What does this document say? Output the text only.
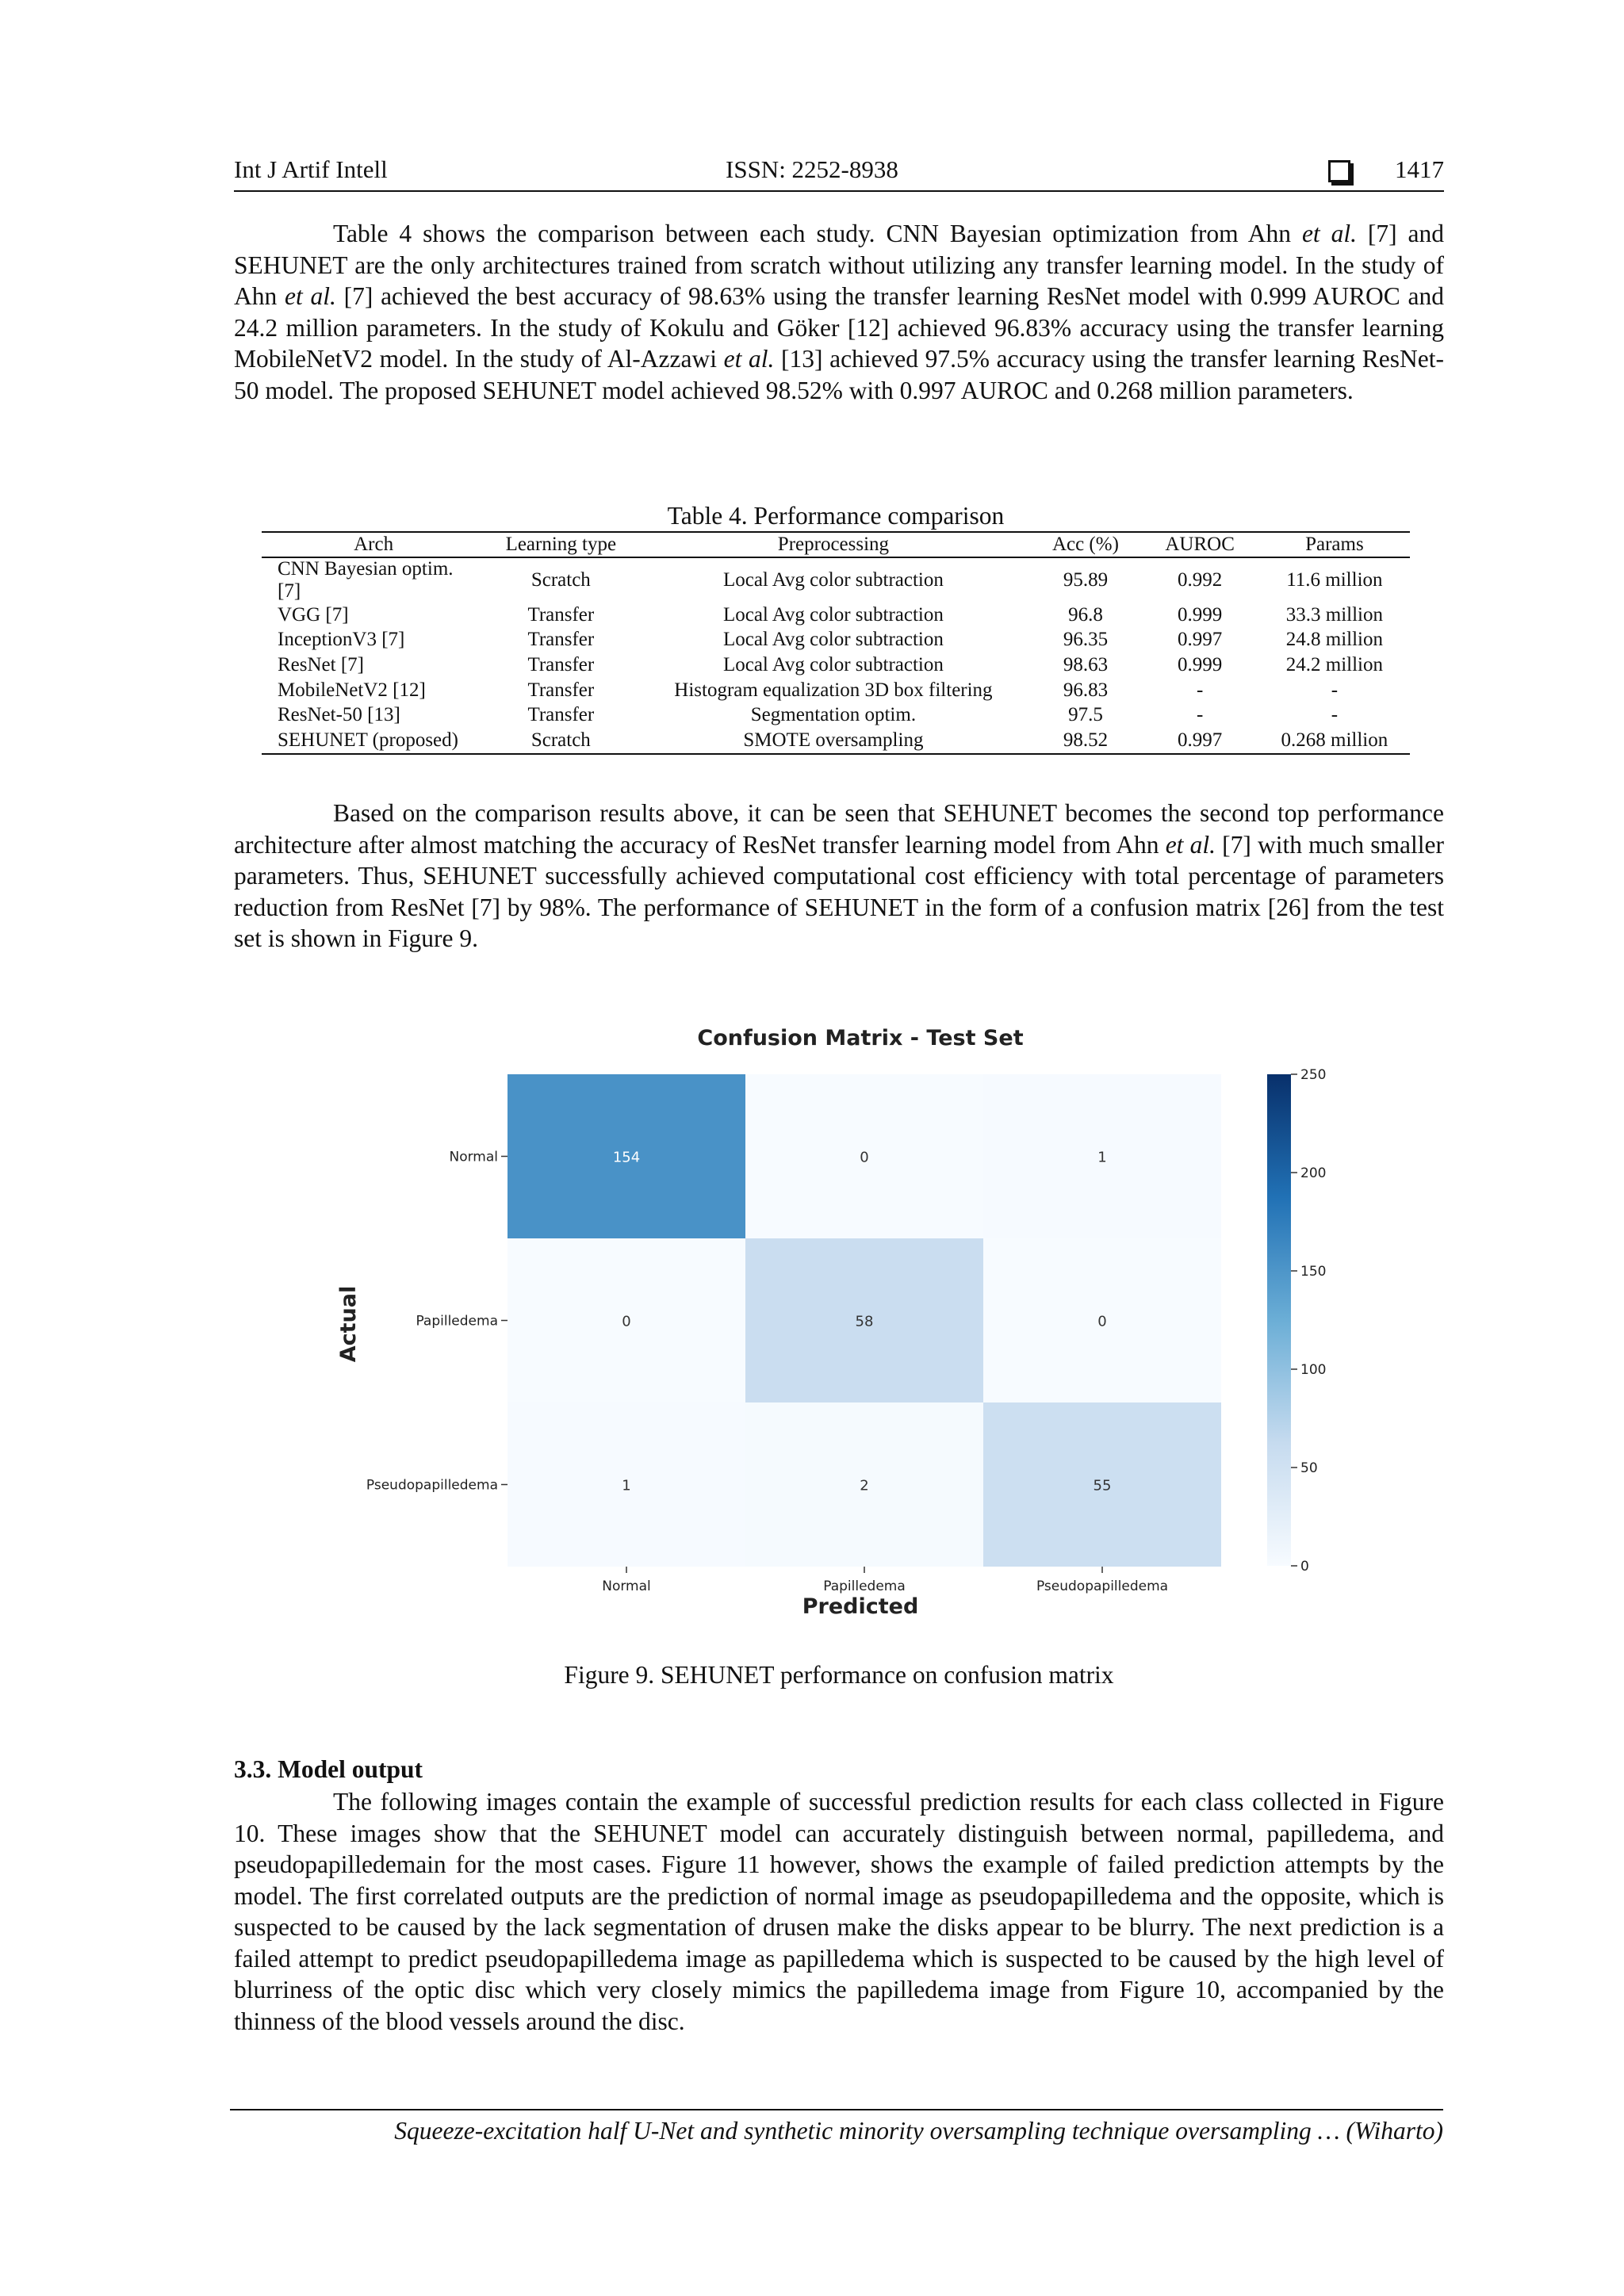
Int J Artif Intell	ISSN: 2252-8938	1417

Table 4 shows the comparison between each study. CNN Bayesian optimization from Ahn et al. [7] and SEHUNET are the only architectures trained from scratch without utilizing any transfer learning model. In the study of Ahn et al. [7] achieved the best accuracy of 98.63% using the transfer learning ResNet model with 0.999 AUROC and 24.2 million parameters. In the study of Kokulu and Göker [12] achieved 96.83% accuracy using the transfer learning MobileNetV2 model. In the study of Al-Azzawi et al. [13] achieved 97.5% accuracy using the transfer learning ResNet-50 model. The proposed SEHUNET model achieved 98.52% with 0.997 AUROC and 0.268 million parameters.

Table 4. Performance comparison
Arch	Learning type	Preprocessing	Acc (%)	AUROC	Params
CNN Bayesian optim. [7]	Scratch	Local Avg color subtraction	95.89	0.992	11.6 million
VGG [7]	Transfer	Local Avg color subtraction	96.8	0.999	33.3 million
InceptionV3 [7]	Transfer	Local Avg color subtraction	96.35	0.997	24.8 million
ResNet [7]	Transfer	Local Avg color subtraction	98.63	0.999	24.2 million
MobileNetV2 [12]	Transfer	Histogram equalization 3D box filtering	96.83	-	-
ResNet-50 [13]	Transfer	Segmentation optim.	97.5	-	-
SEHUNET (proposed)	Scratch	SMOTE oversampling	98.52	0.997	0.268 million

Based on the comparison results above, it can be seen that SEHUNET becomes the second top performance architecture after almost matching the accuracy of ResNet transfer learning model from Ahn et al. [7] with much smaller parameters. Thus, SEHUNET successfully achieved computational cost efficiency with total percentage of parameters reduction from ResNet [7] by 98%. The performance of SEHUNET in the form of a confusion matrix [26] from the test set is shown in Figure 9.

Confusion Matrix - Test Set
154	0	1
0	58	0
1	2	55
Normal
Papilledema
Pseudopapilledema
Normal	Papilledema	Pseudopapilledema
Actual
Predicted
0
50
100
150
200
250
Figure 9. SEHUNET performance on confusion matrix
3.3. Model output

The following images contain the example of successful prediction results for each class collected in Figure 10. These images show that the SEHUNET model can accurately distinguish between normal, papilledema, and pseudopapilledemain for the most cases. Figure 11 however, shows the example of failed prediction attempts by the model. The first correlated outputs are the prediction of normal image as pseudopapilledema and the opposite, which is suspected to be caused by the lack segmentation of drusen make the disks appear to be blurry. The next prediction is a failed attempt to predict pseudopapilledema image as papilledema which is suspected to be caused by the high level of blurriness of the optic disc which very closely mimics the papilledema image from Figure 10, accompanied by the thinness of the blood vessels around the disc.

Squeeze-excitation half U-Net and synthetic minority oversampling technique oversampling … (Wiharto)
